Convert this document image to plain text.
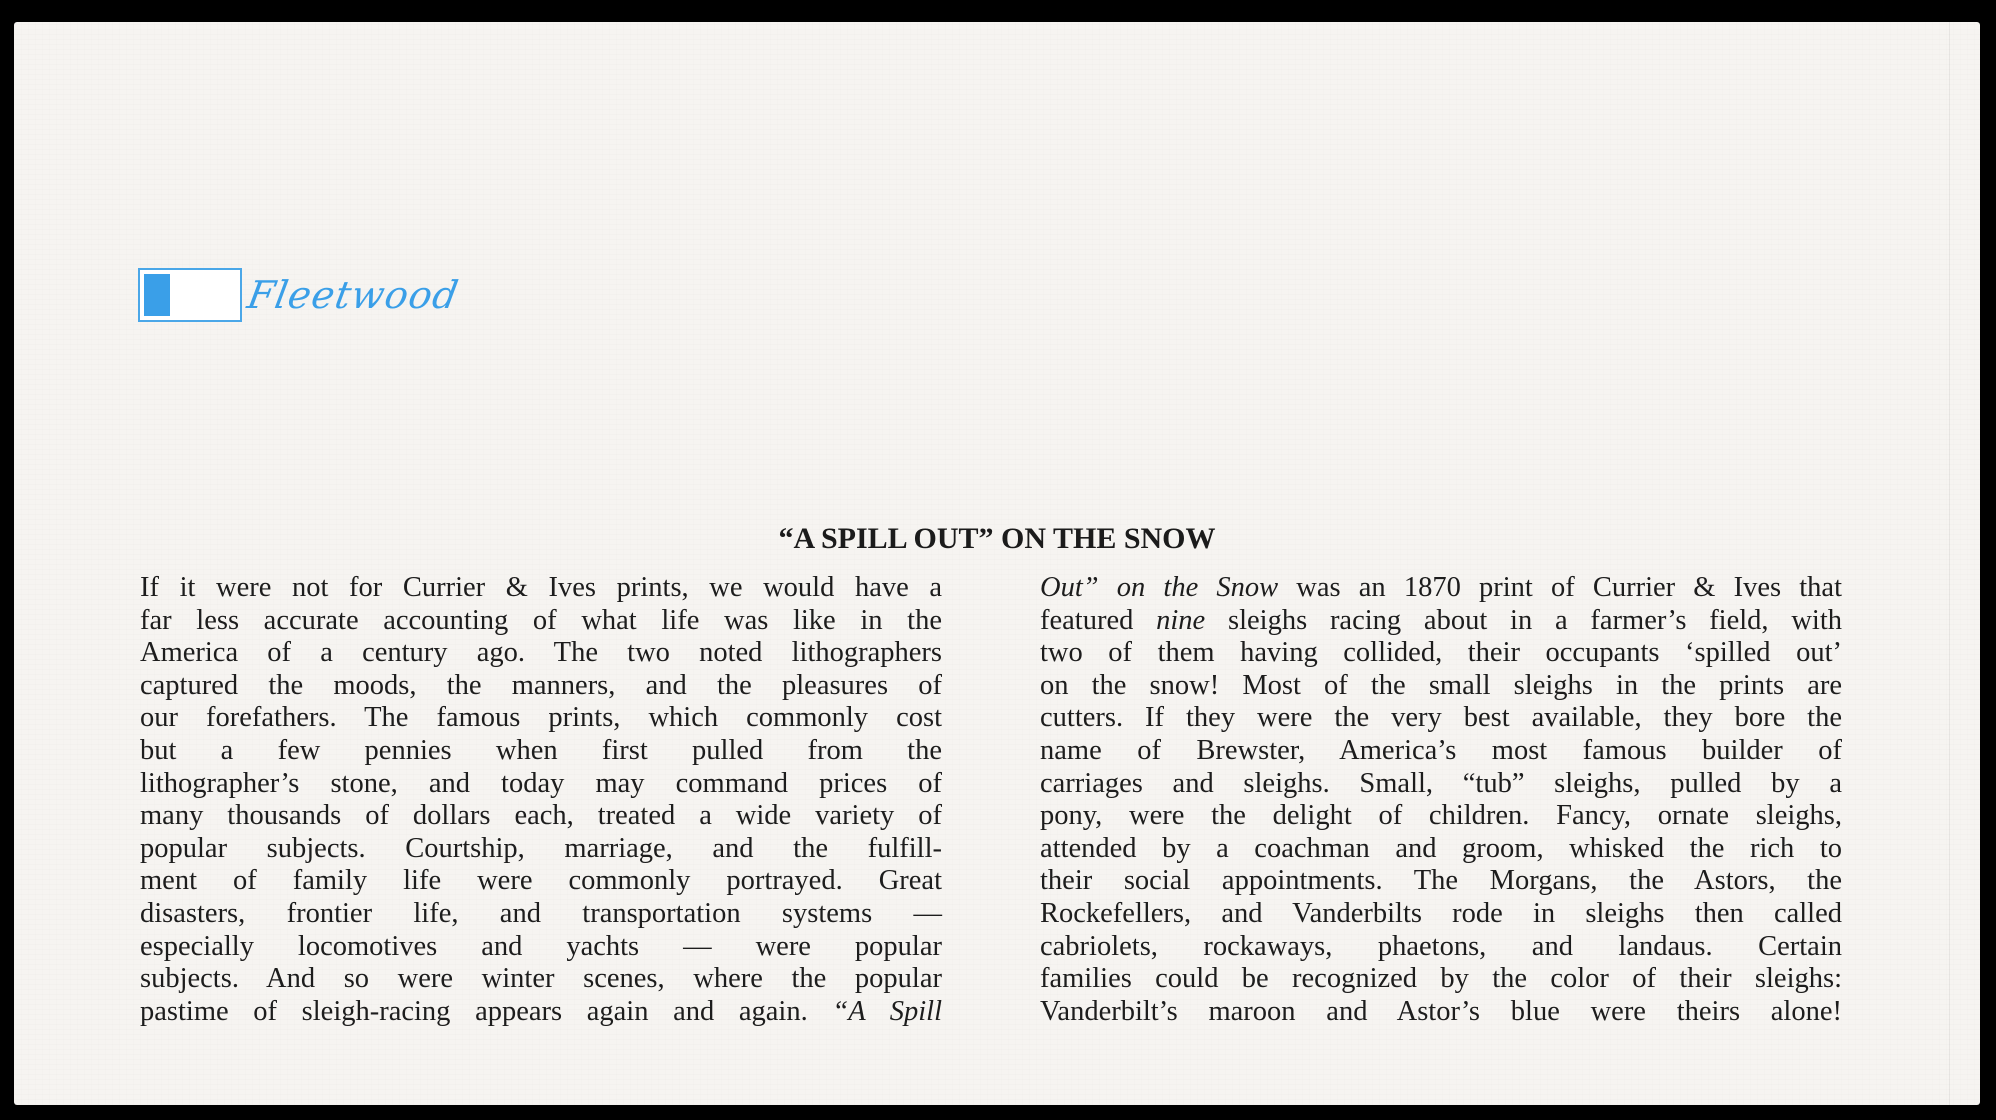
Fleetwood
“A SPILL OUT” ON THE SNOW
If it were not for Currier & Ives prints, we would have a
far less accurate accounting of what life was like in the
America of a century ago. The two noted lithographers
captured the moods, the manners, and the pleasures of
our forefathers. The famous prints, which commonly cost
but a few pennies when first pulled from the
lithographer’s stone, and today may command prices of
many thousands of dollars each, treated a wide variety of
popular subjects. Courtship, marriage, and the fulfill-
ment of family life were commonly portrayed. Great
disasters, frontier life, and transportation systems —
especially locomotives and yachts — were popular
subjects. And so were winter scenes, where the popular
pastime of sleigh-racing appears again and again. “A Spill
Out” on the Snow was an 1870 print of Currier & Ives that
featured nine sleighs racing about in a farmer’s field, with
two of them having collided, their occupants ‘spilled out’
on the snow! Most of the small sleighs in the prints are
cutters. If they were the very best available, they bore the
name of Brewster, America’s most famous builder of
carriages and sleighs. Small, “tub” sleighs, pulled by a
pony, were the delight of children. Fancy, ornate sleighs,
attended by a coachman and groom, whisked the rich to
their social appointments. The Morgans, the Astors, the
Rockefellers, and Vanderbilts rode in sleighs then called
cabriolets, rockaways, phaetons, and landaus. Certain
families could be recognized by the color of their sleighs:
Vanderbilt’s maroon and Astor’s blue were theirs alone!
